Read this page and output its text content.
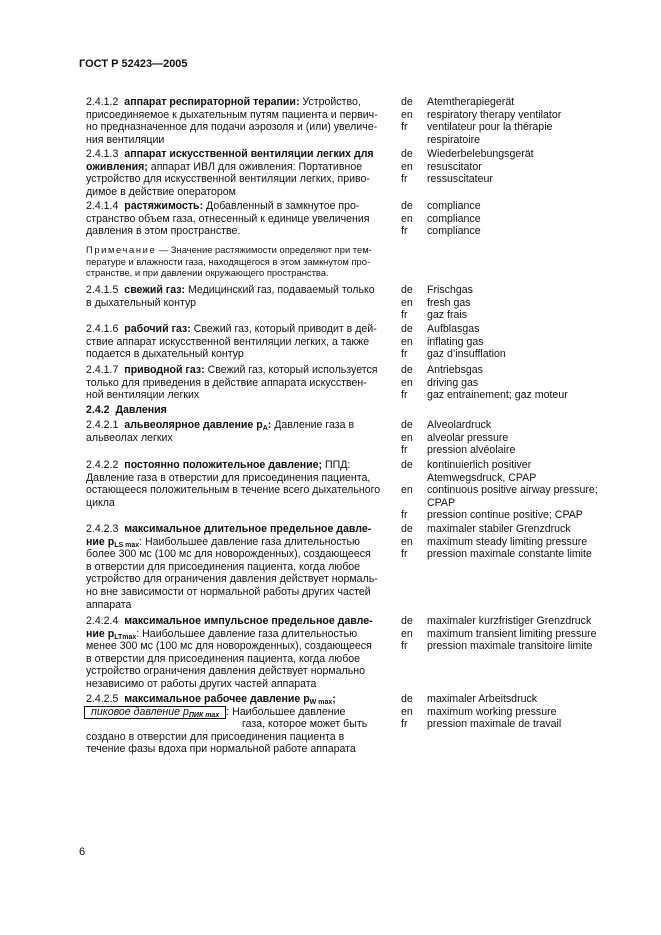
ГОСТ Р 52423—2005
2.4.1.2 аппарат респираторной терапии: Устройство,	de	Atemtherapiegerät
присоединяемое к дыхательным путям пациента и первич-	en	respiratory therapy ventilator
но предназначенное для подачи аэрозоля и (или) увеличе-	fr	ventilateur pour la thérapie
ния вентиляции	respiratoire
2.4.1.3 аппарат искусственной вентиляции легких для	de	Wiederbelebungsgerät
оживления; аппарат ИВЛ для оживления: Портативное	en	resuscitator
устройство для искусственной вентиляции легких, приво-	fr	ressuscitateur
димое в действие оператором
2.4.1.4 растяжимость: Добавленный в замкнутое про-	de	compliance
странство объем газа, отнесенный к единице увеличения	en	compliance
давления в этом пространстве.	fr	compliance
Примечание — Значение растяжимости определяют при тем-
пературе и влажности газа, находящегося в этом замкнутом про-
странстве, и при давлении окружающего пространства.
2.4.1.5 свежий газ: Медицинский газ, подаваемый только	de	Frischgas
в дыхательный контур	en	fresh gas
fr	gaz frais
2.4.1.6 рабочий газ: Свежий газ, который приводит в дей-	de	Aufblasgas
ствие аппарат искусственной вентиляции легких, а также	en	inflating gas
подается в дыхательный контур	fr	gaz d’insufflation
2.4.1.7 приводной газ: Свежий газ, который используется	de	Antriebsgas
только для приведения в действие аппарата искусствен-	en	driving gas
ной вентиляции легких	fr	gaz entrainement; gaz moteur
2.4.2 Давления
2.4.2.1 альвеолярное давление $p_A$: Давление газа в	de	Alveolardruck
альвеолах легких	en	alveolar pressure
fr	pression alvéolaire
2.4.2.2 постоянно положительное давление; ППД:	de	kontinuierlich positiver
Давление газа в отверстии для присоединения пациента,	Atemwegsdruck, CPAP
остающееся положительным в течение всего дыхательного	en	continuous positive airway pressure;
цикла	CPAP
fr	pression continue positive; CPAP
2.4.2.3 максимальное длительное предельное давле-	de	maximaler stabiler Grenzdruck
ние $p_{LS max}$: Наибольшее давление газа длительностью	en	maximum steady limiting pressure
более 300 мс (100 мс для новорожденных), создающееся	fr	pression maximale constante limite
в отверстии для присоединения пациента, когда любое
устройство для ограничения давления действует нормаль-
но вне зависимости от нормальной работы других частей
аппарата
2.4.2.4 максимальное импульсное предельное давле-	de	maximaler kurzfristiger Grenzdruck
ние $p_{LTmax}$: Наибольшее давление газа длительностью	en	maximum transient limiting pressure
менее 300 мс (100 мс для новорожденных), создающееся	fr	pression maximale transitoire limite
в отверстии для присоединения пациента, когда любое
устройство ограничения давления действует нормально
независимо от работы других частей аппарата
2.4.2.5 максимальное рабочее давление $p_{W max}$;	de	maximaler Arbeitsdruck
пиковое давление $p_{ПИК max}$ : Наибольшее давление	en	maximum working pressure
газа, которое может быть	fr	pression maximale de travail
создано в отверстии для присоединения пациента в
течение фазы вдоха при нормальной работе аппарата
6
